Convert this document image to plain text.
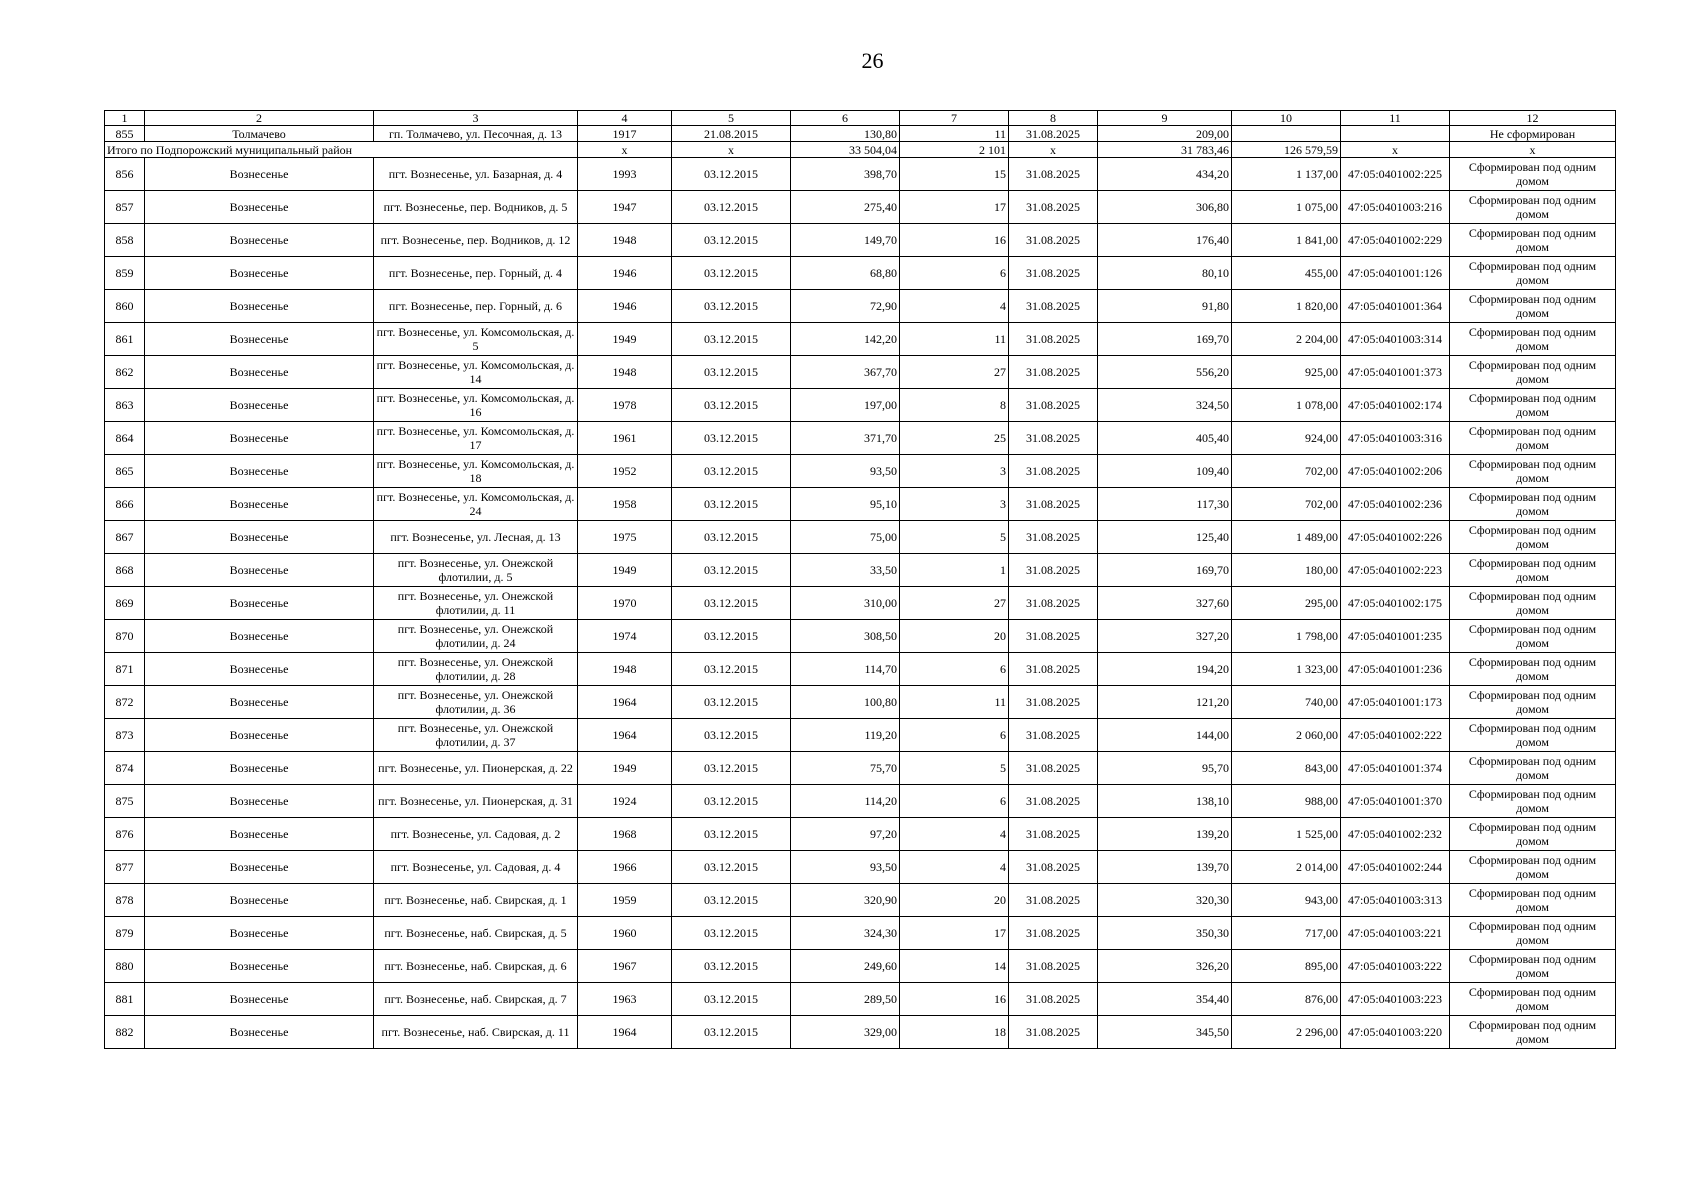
26
1	2	3	4	5	6	7	8	9	10	11	12
855	Толмачево	гп. Толмачево, ул. Песочная, д. 13	1917	21.08.2015	130,80	11	31.08.2025	209,00			Не сформирован
Итого по Подпорожский муниципальный район			x	x	33 504,04	2 101	x	31 783,46	126 579,59	x	x
856	Вознесенье	пгт. Вознесенье, ул. Базарная, д. 4	1993	03.12.2015	398,70	15	31.08.2025	434,20	1 137,00	47:05:0401002:225	Сформирован под одним домом
857	Вознесенье	пгт. Вознесенье, пер. Водников, д. 5	1947	03.12.2015	275,40	17	31.08.2025	306,80	1 075,00	47:05:0401003:216	Сформирован под одним домом
858	Вознесенье	пгт. Вознесенье, пер. Водников, д. 12	1948	03.12.2015	149,70	16	31.08.2025	176,40	1 841,00	47:05:0401002:229	Сформирован под одним домом
859	Вознесенье	пгт. Вознесенье, пер. Горный, д. 4	1946	03.12.2015	68,80	6	31.08.2025	80,10	455,00	47:05:0401001:126	Сформирован под одним домом
860	Вознесенье	пгт. Вознесенье, пер. Горный, д. 6	1946	03.12.2015	72,90	4	31.08.2025	91,80	1 820,00	47:05:0401001:364	Сформирован под одним домом
861	Вознесенье	пгт. Вознесенье, ул. Комсомольская, д. 5	1949	03.12.2015	142,20	11	31.08.2025	169,70	2 204,00	47:05:0401003:314	Сформирован под одним домом
862	Вознесенье	пгт. Вознесенье, ул. Комсомольская, д. 14	1948	03.12.2015	367,70	27	31.08.2025	556,20	925,00	47:05:0401001:373	Сформирован под одним домом
863	Вознесенье	пгт. Вознесенье, ул. Комсомольская, д. 16	1978	03.12.2015	197,00	8	31.08.2025	324,50	1 078,00	47:05:0401002:174	Сформирован под одним домом
864	Вознесенье	пгт. Вознесенье, ул. Комсомольская, д. 17	1961	03.12.2015	371,70	25	31.08.2025	405,40	924,00	47:05:0401003:316	Сформирован под одним домом
865	Вознесенье	пгт. Вознесенье, ул. Комсомольская, д. 18	1952	03.12.2015	93,50	3	31.08.2025	109,40	702,00	47:05:0401002:206	Сформирован под одним домом
866	Вознесенье	пгт. Вознесенье, ул. Комсомольская, д. 24	1958	03.12.2015	95,10	3	31.08.2025	117,30	702,00	47:05:0401002:236	Сформирован под одним домом
867	Вознесенье	пгт. Вознесенье, ул. Лесная, д. 13	1975	03.12.2015	75,00	5	31.08.2025	125,40	1 489,00	47:05:0401002:226	Сформирован под одним домом
868	Вознесенье	пгт. Вознесенье, ул. Онежской флотилии, д. 5	1949	03.12.2015	33,50	1	31.08.2025	169,70	180,00	47:05:0401002:223	Сформирован под одним домом
869	Вознесенье	пгт. Вознесенье, ул. Онежской флотилии, д. 11	1970	03.12.2015	310,00	27	31.08.2025	327,60	295,00	47:05:0401002:175	Сформирован под одним домом
870	Вознесенье	пгт. Вознесенье, ул. Онежской флотилии, д. 24	1974	03.12.2015	308,50	20	31.08.2025	327,20	1 798,00	47:05:0401001:235	Сформирован под одним домом
871	Вознесенье	пгт. Вознесенье, ул. Онежской флотилии, д. 28	1948	03.12.2015	114,70	6	31.08.2025	194,20	1 323,00	47:05:0401001:236	Сформирован под одним домом
872	Вознесенье	пгт. Вознесенье, ул. Онежской флотилии, д. 36	1964	03.12.2015	100,80	11	31.08.2025	121,20	740,00	47:05:0401001:173	Сформирован под одним домом
873	Вознесенье	пгт. Вознесенье, ул. Онежской флотилии, д. 37	1964	03.12.2015	119,20	6	31.08.2025	144,00	2 060,00	47:05:0401002:222	Сформирован под одним домом
874	Вознесенье	пгт. Вознесенье, ул. Пионерская, д. 22	1949	03.12.2015	75,70	5	31.08.2025	95,70	843,00	47:05:0401001:374	Сформирован под одним домом
875	Вознесенье	пгт. Вознесенье, ул. Пионерская, д. 31	1924	03.12.2015	114,20	6	31.08.2025	138,10	988,00	47:05:0401001:370	Сформирован под одним домом
876	Вознесенье	пгт. Вознесенье, ул. Садовая, д. 2	1968	03.12.2015	97,20	4	31.08.2025	139,20	1 525,00	47:05:0401002:232	Сформирован под одним домом
877	Вознесенье	пгт. Вознесенье, ул. Садовая, д. 4	1966	03.12.2015	93,50	4	31.08.2025	139,70	2 014,00	47:05:0401002:244	Сформирован под одним домом
878	Вознесенье	пгт. Вознесенье, наб. Свирская, д. 1	1959	03.12.2015	320,90	20	31.08.2025	320,30	943,00	47:05:0401003:313	Сформирован под одним домом
879	Вознесенье	пгт. Вознесенье, наб. Свирская, д. 5	1960	03.12.2015	324,30	17	31.08.2025	350,30	717,00	47:05:0401003:221	Сформирован под одним домом
880	Вознесенье	пгт. Вознесенье, наб. Свирская, д. 6	1967	03.12.2015	249,60	14	31.08.2025	326,20	895,00	47:05:0401003:222	Сформирован под одним домом
881	Вознесенье	пгт. Вознесенье, наб. Свирская, д. 7	1963	03.12.2015	289,50	16	31.08.2025	354,40	876,00	47:05:0401003:223	Сформирован под одним домом
882	Вознесенье	пгт. Вознесенье, наб. Свирская, д. 11	1964	03.12.2015	329,00	18	31.08.2025	345,50	2 296,00	47:05:0401003:220	Сформирован под одним домом
